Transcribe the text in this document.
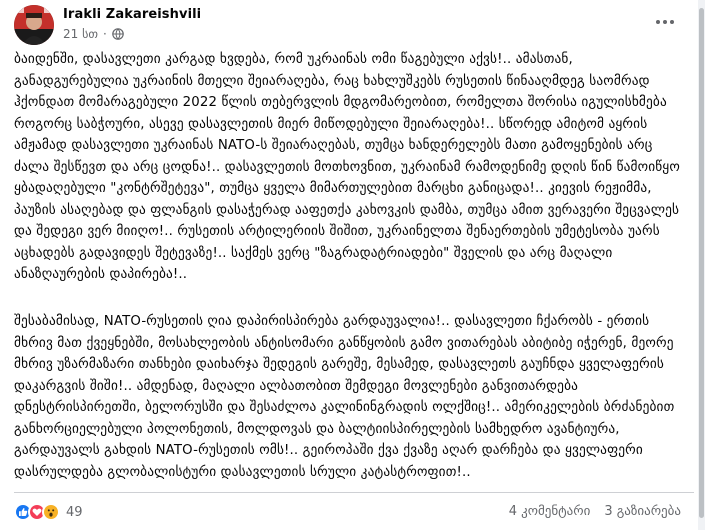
Irakli Zakareishvili
21 სთ ·

ბაიდენში, დასავლეთი კარგად ხვდება, რომ უკრაინას ომი წაგებული აქვს!.. ამასთან, განადგურებულია უკრაინის მთელი შეიარაღება, რაც ხახლუშკებს რუსეთის წინააღმდეგ საომრად ჰქონდათ მომარაგებული 2022 წლის თებერვლის მდგომარეობით, რომელთა შორისა იგულისხმება როგორც საბჭოური, ასევე დასავლეთის მიერ მიწოდებული შეიარაღება!.. სწორედ ამიტომ აყრის ამჟამად დასავლეთი უკრაინას NATO-ს შეიარაღებას, თუმცა ხანდერელებს მათი გამოყენების არც ძალა შესწევთ და არც ცოდნა!.. დასავლეთის მოთხოვნით, უკრაინამ რამოდენიმე დღის წინ წამოიწყო ყბადაღებული "კონტრშეტევა", თუმცა ყველა მიმართულებით მარცხი განიცადა!.. კიევის რეჟიმმა, პაუზის ასაღებად და ფლანგის დასაჭერად ააფეთქა კახოვკის დამბა, თუმცა ამით ვერავერი შეცვალეს და შედეგი ვერ მიიღო!.. რუსეთის არტილერიის შიშით, უკრაინელთა შენაერთების უმეტესობა უარს აცხადებს გადავიდეს შეტევაზე!.. საქმეს ვერც "ზაგრადატრიადები" შველის და არც მაღალი ანაზღაურების დაპირება!..

შესაბამისად, NATO-რუსეთის ღია დაპირისპირება გარდაუვალია!.. დასავლეთი ჩქარობს - ერთის მხრივ მათ ქვეყნებში, მოსახლეობის ანტისომარი განწყობის გამო ვითარებას აბიტიბე იჭერენ, მეორე მხრივ უზარმაზარი თანხები დაიხარჯა შედეგის გარეშე, მესამედ, დასავლეთს გაუჩნდა ყველაფერის დაკარგვის შიში!.. ამდენად, მაღალი ალბათობით შემდეგი მოვლენები განვითარდება დნესტრისპირეთში, ბელორუსში და შესაძლოა კალინინგრადის ოლქშიც!.. ამერიკელების ბრძანებით განხორციელებული პოლონეთის, მოლდოვას და ბალტიისპირელების სამხედრო ავანტიურა, გარდაუვალს გახდის NATO-რუსეთის ომს!.. გეიროპაში ქვა ქვაზე აღარ დარჩება და ყველაფერი დასრულდება გლობალისტური დასავლეთის სრული კატასტროფით!..

49	4 კომენტარი 3 გაზიარება
